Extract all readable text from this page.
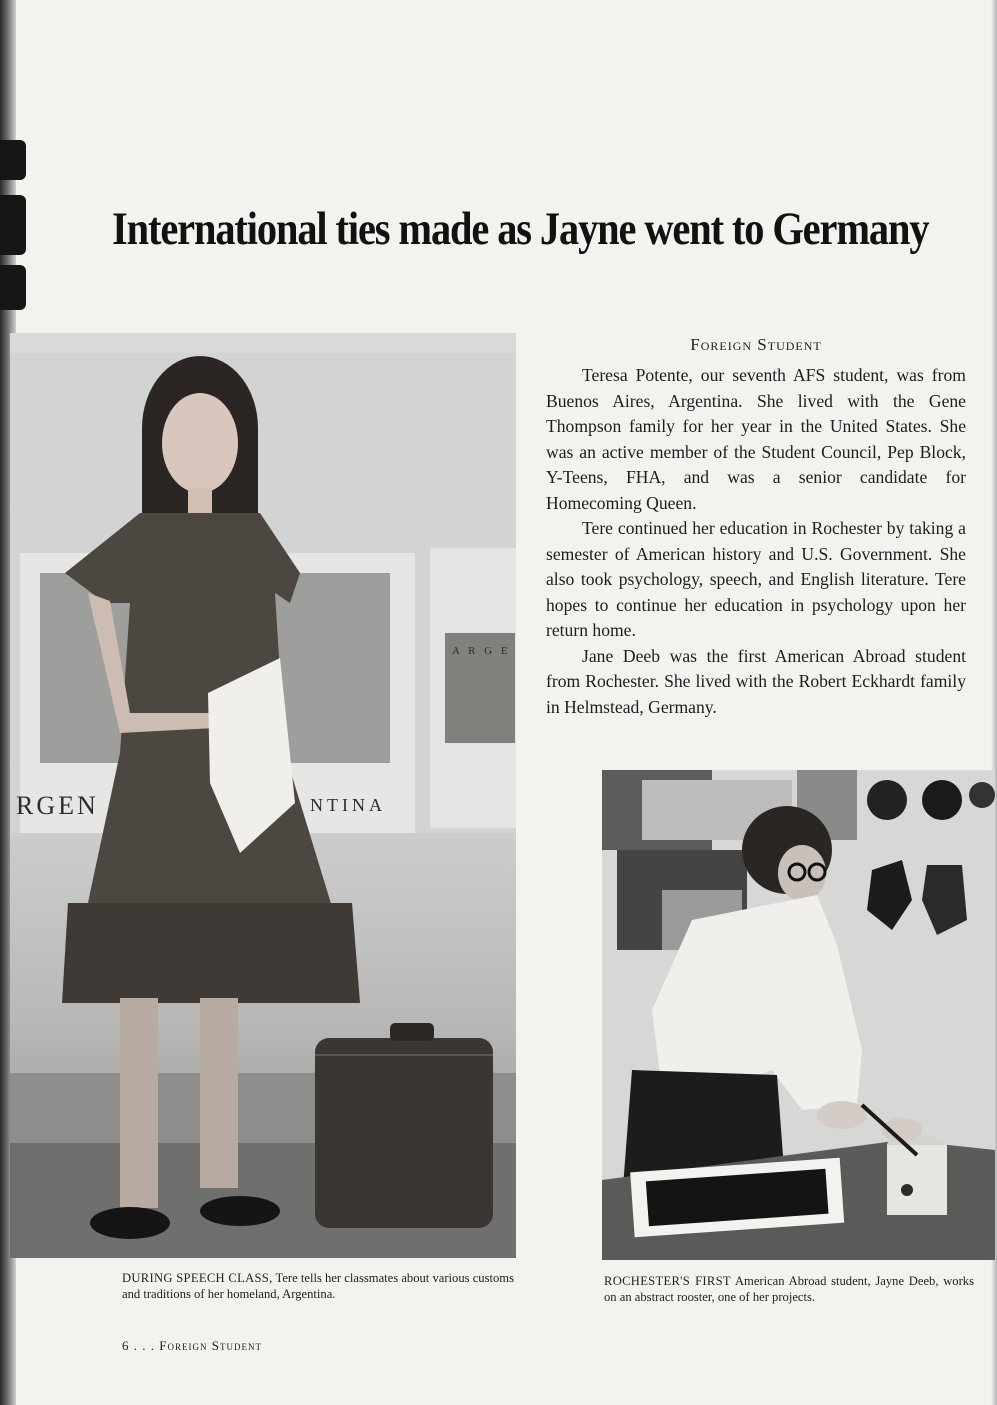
International ties made as Jayne went to Germany
RGEN	NTINA
A R G E
Foreign Student

Teresa Potente, our seventh AFS student, was from Buenos Aires, Argentina. She lived with the Gene Thompson family for her year in the United States. She was an active member of the Student Council, Pep Block, Y-Teens, FHA, and was a senior candidate for Homecoming Queen.

Tere continued her education in Rochester by taking a semester of American history and U.S. Government. She also took psychology, speech, and English literature. Tere hopes to continue her education in psychology upon her return home.

Jane Deeb was the first American Abroad student from Rochester. She lived with the Robert Eckhardt family in Helmstead, Germany.

DURING SPEECH CLASS, Tere tells her classmates about various customs and traditions of her homeland, Argentina.
ROCHESTER'S FIRST American Abroad student, Jayne Deeb, works on an abstract rooster, one of her projects.
6 . . . Foreign Student
